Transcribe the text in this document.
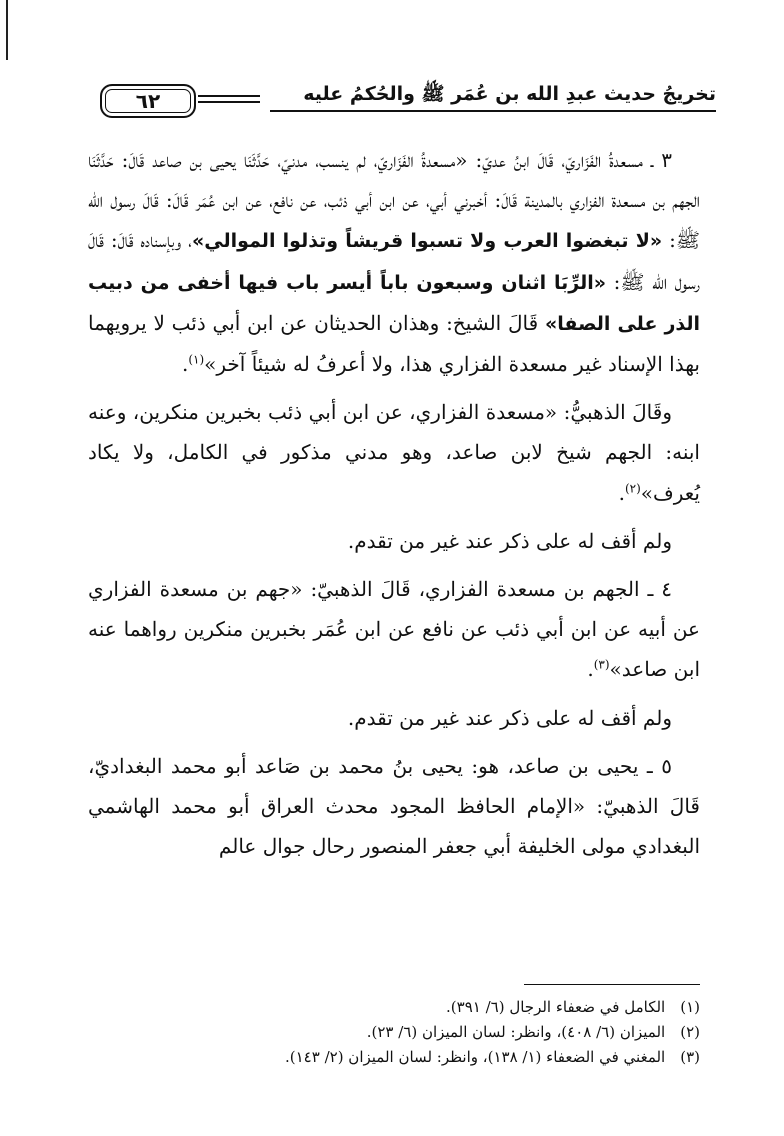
تخريجُ حديث عبدِ الله بن عُمَر ﷺ والحُكمُ عليه
٦٢

٣ ـ مسعدةُ الفَزَاريّ، قَالَ ابنُ عديّ: «مسعدةُ الفَزَاريّ، لم ينسب، مدنيّ، حَدَّثَنَا يحيى بن صاعد قَالَ: حَدَّثَنَا الجهم بن مسعدة الفزاري بالمدينة قَالَ: أخبرني أبي، عن ابن أبي ذئب، عن نافع، عن ابن عُمَر قَالَ: قَالَ رسول الله ﷺ: «لا تبغضوا العرب ولا تسبوا قريشاً وتذلوا الموالي»، وبإسناده قَالَ: قَالَ رسول الله ﷺ: «الرِّبَا اثنان وسبعون باباً أيسر باب فيها أخفى من دبيب الذر على الصفا» قَالَ الشيخ: وهذان الحديثان عن ابن أبي ذئب لا يرويهما بهذا الإسناد غير مسعدة الفزاري هذا، ولا أعرفُ له شيئاً آخر»$^{(١)}$.

وقَالَ الذهبيُّ: «مسعدة الفزاري، عن ابن أبي ذئب بخبرين منكرين، وعنه ابنه: الجهم شيخ لابن صاعد، وهو مدني مذكور في الكامل، ولا يكاد يُعرف»$^{(٢)}$.

ولم أقف له على ذكر عند غير من تقدم.

٤ ـ الجهم بن مسعدة الفزاري، قَالَ الذهبيّ: «جهم بن مسعدة الفزاري عن أبيه عن ابن أبي ذئب عن نافع عن ابن عُمَر بخبرين منكرين رواهما عنه ابن صاعد»$^{(٣)}$.

ولم أقف له على ذكر عند غير من تقدم.

٥ ـ يحيى بن صاعد، هو: يحيى بنُ محمد بن صَاعد أبو محمد البغداديّ، قَالَ الذهبيّ: «الإمام الحافظ المجود محدث العراق أبو محمد الهاشمي البغدادي مولى الخليفة أبي جعفر المنصور رحال جوال عالم

(١) الكامل في ضعفاء الرجال (٦/ ٣٩١).
(٢) الميزان (٦/ ٤٠٨)، وانظر: لسان الميزان (٦/ ٢٣).
(٣) المغني في الضعفاء (١/ ١٣٨)، وانظر: لسان الميزان (٢/ ١٤٣).
